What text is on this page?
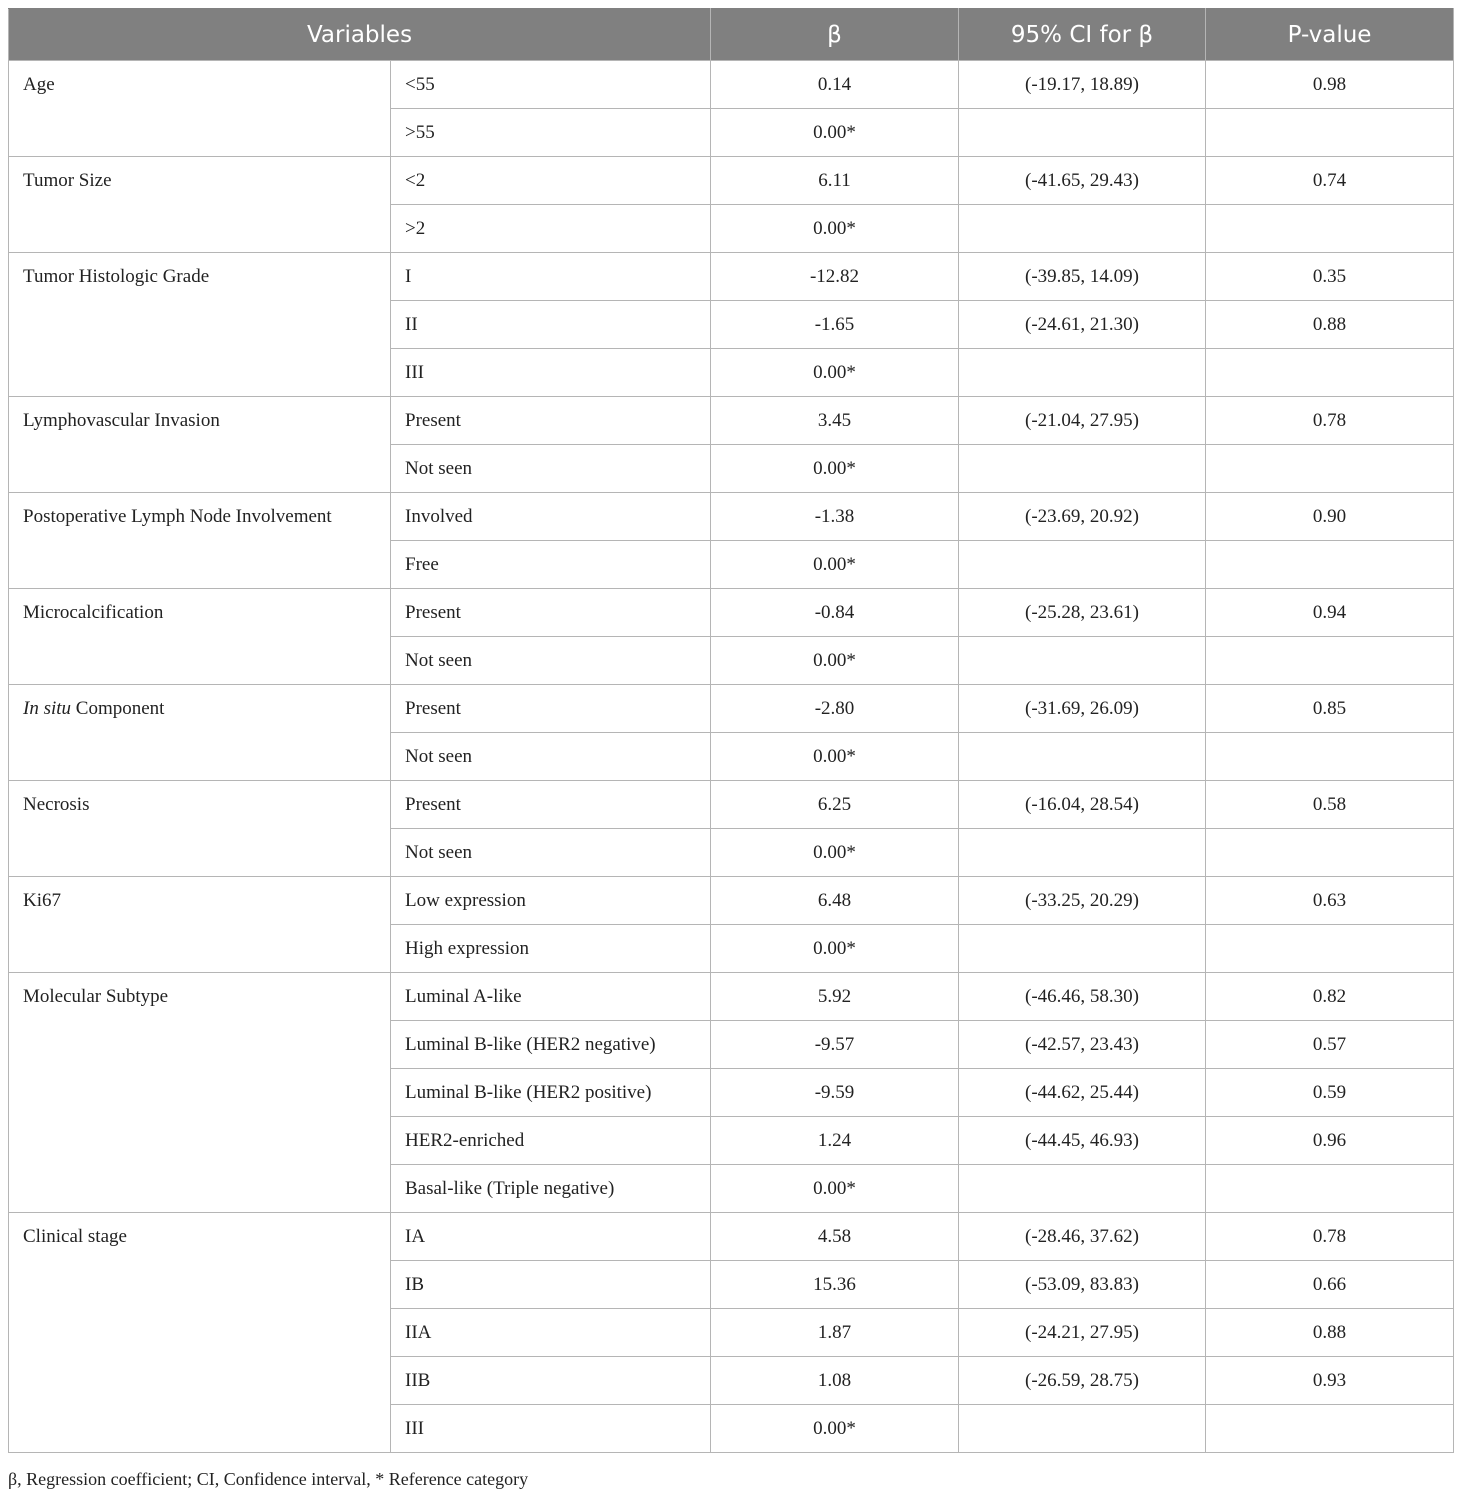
Variables		β	95% CI for β	P-value
Age	<55	0.14	(-19.17, 18.89)	0.98
	>55	0.00*		
Tumor Size	<2	6.11	(-41.65, 29.43)	0.74
	>2	0.00*		
Tumor Histologic Grade	I	-12.82	(-39.85, 14.09)	0.35
	II	-1.65	(-24.61, 21.30)	0.88
	III	0.00*		
Lymphovascular Invasion	Present	3.45	(-21.04, 27.95)	0.78
	Not seen	0.00*		
Postoperative Lymph Node Involvement	Involved	-1.38	(-23.69, 20.92)	0.90
	Free	0.00*		
Microcalcification	Present	-0.84	(-25.28, 23.61)	0.94
	Not seen	0.00*		
In situ Component	Present	-2.80	(-31.69, 26.09)	0.85
	Not seen	0.00*		
Necrosis	Present	6.25	(-16.04, 28.54)	0.58
	Not seen	0.00*		
Ki67	Low expression	6.48	(-33.25, 20.29)	0.63
	High expression	0.00*		
Molecular Subtype	Luminal A-like	5.92	(-46.46, 58.30)	0.82
	Luminal B-like (HER2 negative)	-9.57	(-42.57, 23.43)	0.57
	Luminal B-like (HER2 positive)	-9.59	(-44.62, 25.44)	0.59
	HER2-enriched	1.24	(-44.45, 46.93)	0.96
	Basal-like (Triple negative)	0.00*		
Clinical stage	IA	4.58	(-28.46, 37.62)	0.78
	IB	15.36	(-53.09, 83.83)	0.66
	IIA	1.87	(-24.21, 27.95)	0.88
	IIB	1.08	(-26.59, 28.75)	0.93
	III	0.00*		
β, Regression coefficient; CI, Confidence interval, * Reference category
